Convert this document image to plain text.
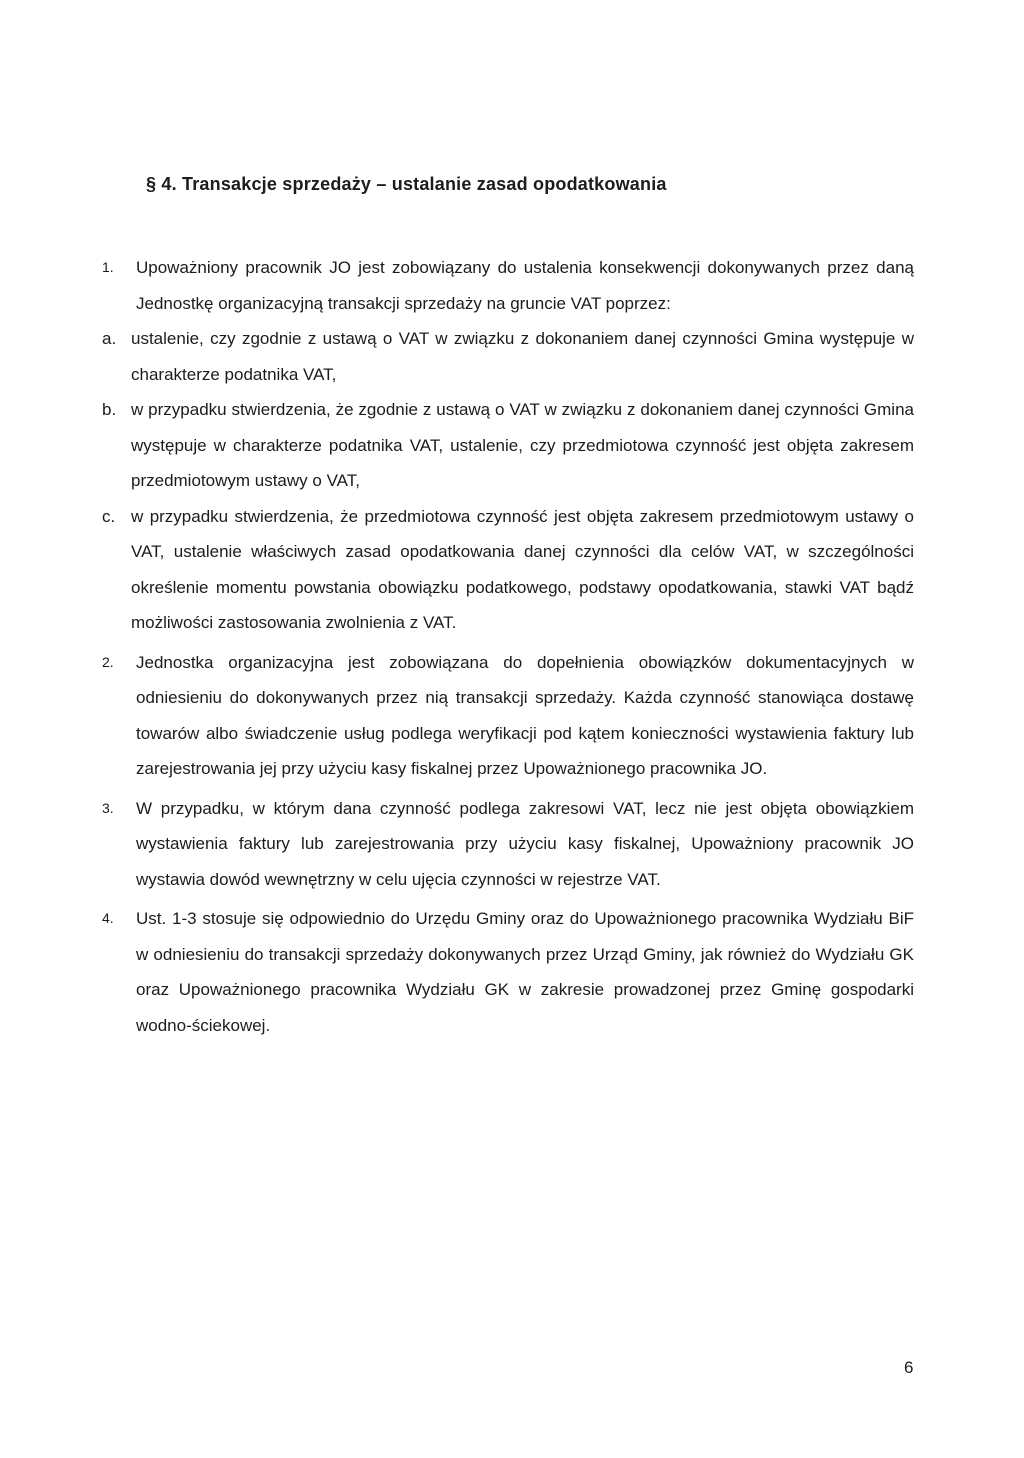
§ 4. Transakcje sprzedaży – ustalanie zasad opodatkowania
1. Upoważniony pracownik JO jest zobowiązany do ustalenia konsekwencji dokonywanych przez daną Jednostkę organizacyjną transakcji sprzedaży na gruncie VAT poprzez:
a. ustalenie, czy zgodnie z ustawą o VAT w związku z dokonaniem danej czynności Gmina występuje w charakterze podatnika VAT,
b. w przypadku stwierdzenia, że zgodnie z ustawą o VAT w związku z dokonaniem danej czynności Gmina występuje w charakterze podatnika VAT, ustalenie, czy przedmiotowa czynność jest objęta zakresem przedmiotowym ustawy o VAT,
c. w przypadku stwierdzenia, że przedmiotowa czynność jest objęta zakresem przedmiotowym ustawy o VAT, ustalenie właściwych zasad opodatkowania danej czynności dla celów VAT, w szczególności określenie momentu powstania obowiązku podatkowego, podstawy opodatkowania, stawki VAT bądź możliwości zastosowania zwolnienia z VAT.
2. Jednostka organizacyjna jest zobowiązana do dopełnienia obowiązków dokumentacyjnych w odniesieniu do dokonywanych przez nią transakcji sprzedaży. Każda czynność stanowiąca dostawę towarów albo świadczenie usług podlega weryfikacji pod kątem konieczności wystawienia faktury lub zarejestrowania jej przy użyciu kasy fiskalnej przez Upoważnionego pracownika JO.
3. W przypadku, w którym dana czynność podlega zakresowi VAT, lecz nie jest objęta obowiązkiem wystawienia faktury lub zarejestrowania przy użyciu kasy fiskalnej, Upoważniony pracownik JO wystawia dowód wewnętrzny w celu ujęcia czynności w rejestrze VAT.
4. Ust. 1-3 stosuje się odpowiednio do Urzędu Gminy oraz do Upoważnionego pracownika Wydziału BiF w odniesieniu do transakcji sprzedaży dokonywanych przez Urząd Gminy, jak również do Wydziału GK oraz Upoważnionego pracownika Wydziału GK w zakresie prowadzonej przez Gminę gospodarki wodno-ściekowej.
6
